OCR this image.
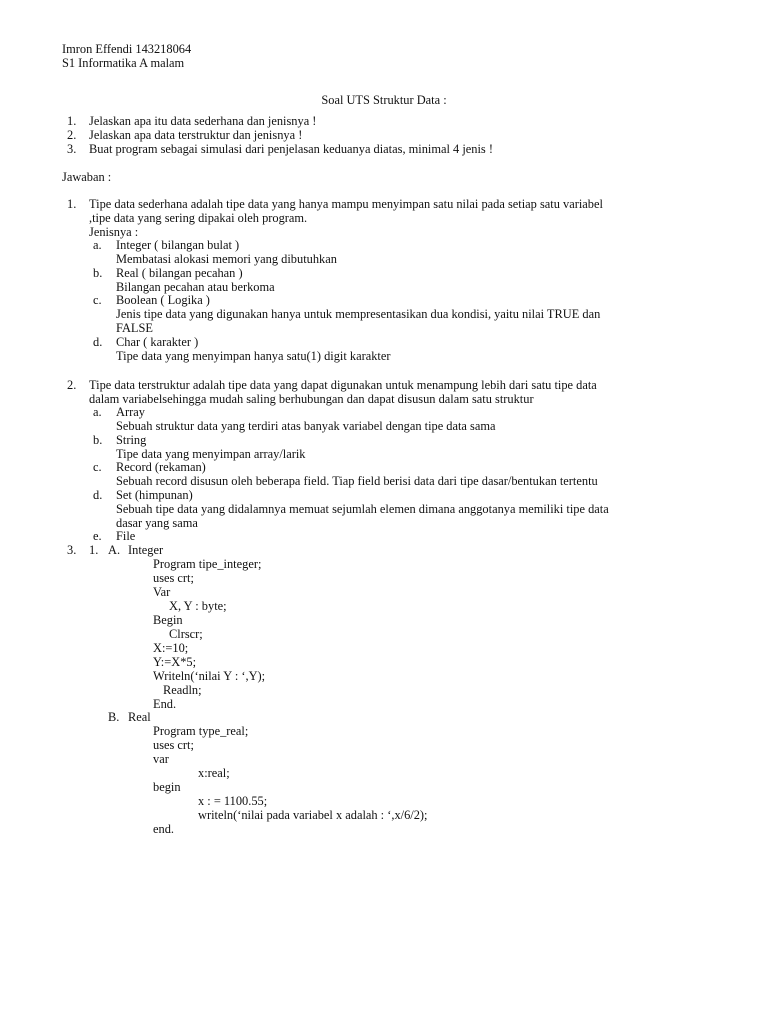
Imron Effendi 143218064
S1 Informatika A malam
Soal UTS Struktur Data :
1. Jelaskan apa itu data sederhana dan jenisnya !
2. Jelaskan apa data terstruktur dan jenisnya !
3. Buat program sebagai simulasi dari penjelasan keduanya diatas, minimal 4 jenis !
Jawaban :
1. Tipe data sederhana adalah tipe data yang hanya mampu menyimpan satu nilai pada setiap satu variabel
,tipe data yang sering dipakai oleh program.
Jenisnya :
a. Integer ( bilangan bulat )
Membatasi alokasi memori yang dibutuhkan
b. Real ( bilangan pecahan )
Bilangan pecahan atau berkoma
c. Boolean ( Logika )
Jenis tipe data yang digunakan hanya untuk mempresentasikan dua kondisi, yaitu nilai TRUE dan
FALSE
d. Char ( karakter )
Tipe data yang menyimpan hanya satu(1) digit karakter
2. Tipe data terstruktur adalah tipe data yang dapat digunakan untuk menampung lebih dari satu tipe data
dalam variabelsehingga mudah saling berhubungan dan dapat disusun dalam satu struktur
a. Array
Sebuah struktur data yang terdiri atas banyak variabel dengan tipe data sama
b. String
Tipe data yang menyimpan array/larik
c. Record (rekaman)
Sebuah record disusun oleh beberapa field. Tiap field berisi data dari tipe dasar/bentukan tertentu
d. Set (himpunan)
Sebuah tipe data yang didalamnya memuat sejumlah elemen dimana anggotanya memiliki tipe data
dasar yang sama
e. File
3. 1. A. Integer
Program tipe_integer;
uses crt;
Var
X, Y : byte;
Begin
Clrscr;
X:=10;
Y:=X*5;
Writeln(‘nilai Y : ‘,Y);
Readln;
End.
B. Real
Program type_real;
uses crt;
var
x:real;
begin
x : = 1100.55;
writeln(‘nilai pada variabel x adalah : ‘,x/6/2);
end.
